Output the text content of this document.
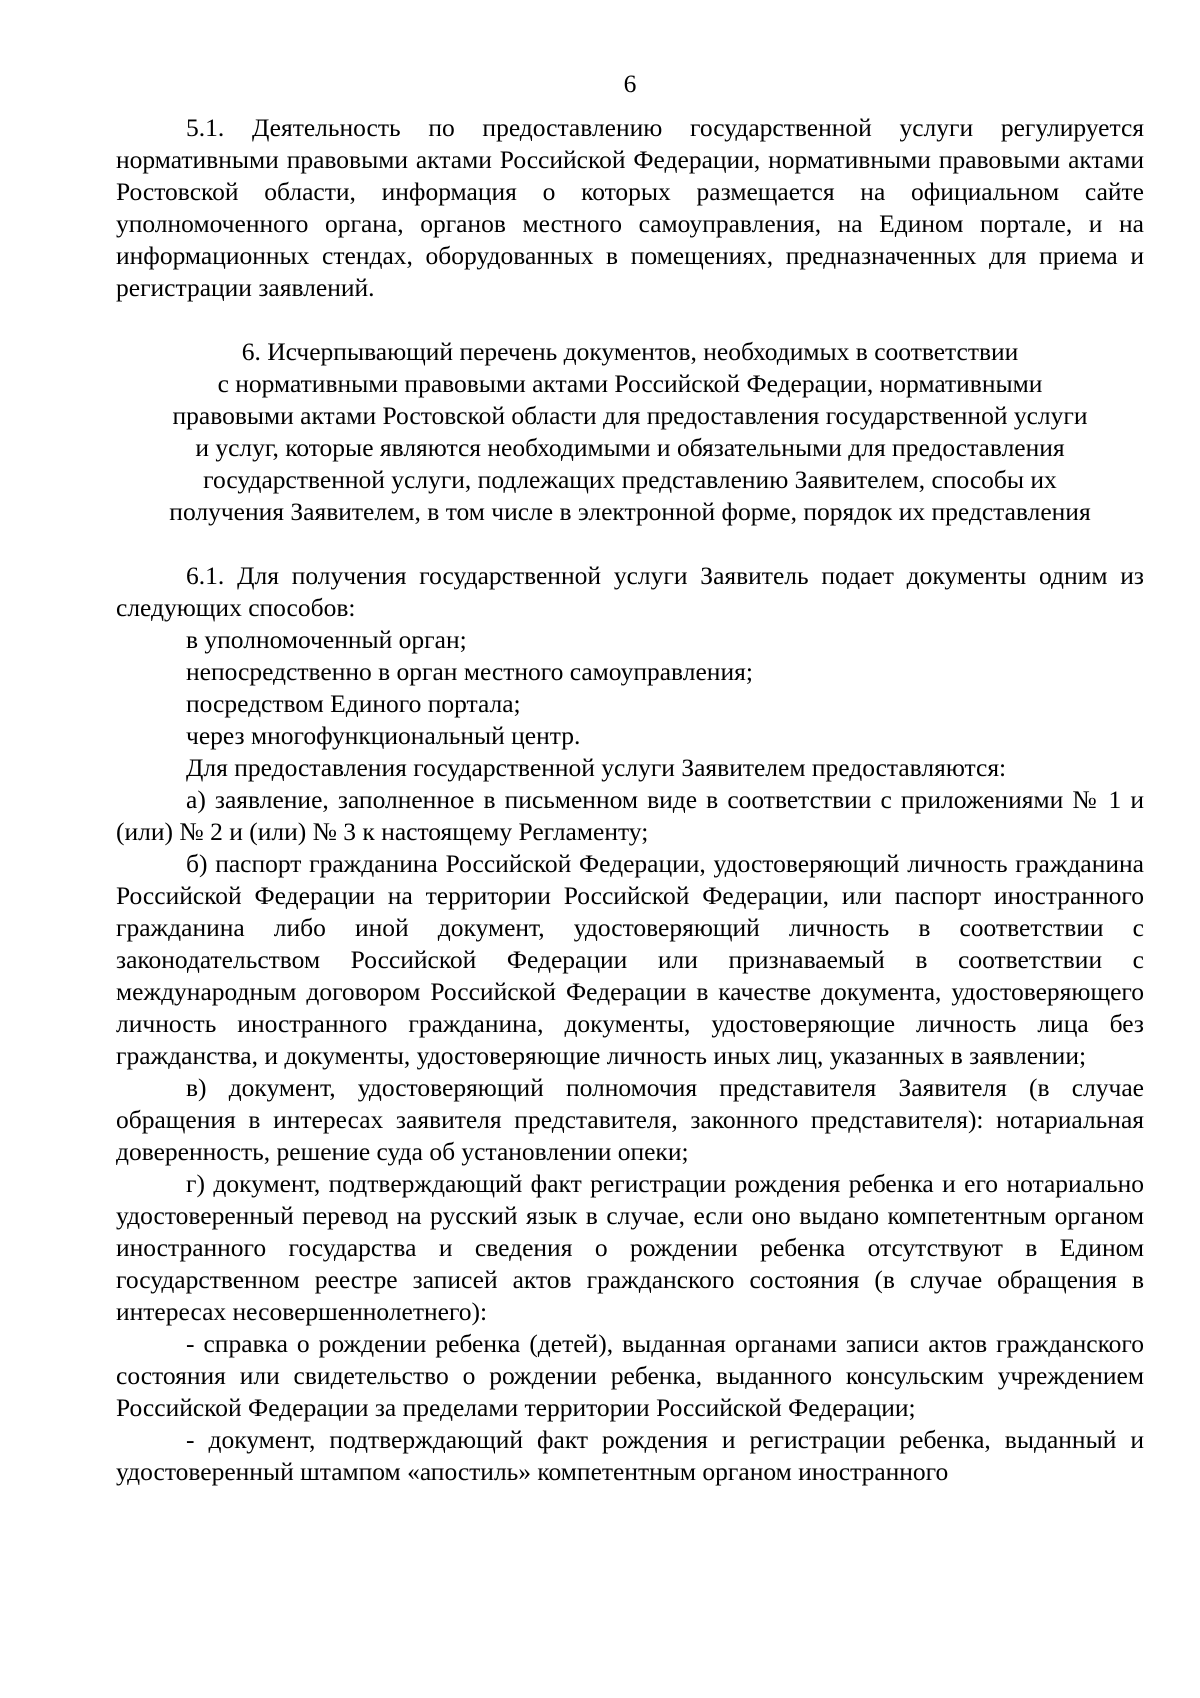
6

5.1. Деятельность по предоставлению государственной услуги регулируется нормативными правовыми актами Российской Федерации, нормативными правовыми актами Ростовской области, информация о которых размещается на официальном сайте уполномоченного органа, органов местного самоуправления, на Едином портале, и на информационных стендах, оборудованных в помещениях, предназначенных для приема и регистрации заявлений.

6. Исчерпывающий перечень документов, необходимых в соответствии

с нормативными правовыми актами Российской Федерации, нормативными

правовыми актами Ростовской области для предоставления государственной услуги

и услуг, которые являются необходимыми и обязательными для предоставления

государственной услуги, подлежащих представлению Заявителем, способы их

получения Заявителем, в том числе в электронной форме, порядок их представления

6.1. Для получения государственной услуги Заявитель подает документы одним из следующих способов:

в уполномоченный орган;

непосредственно в орган местного самоуправления;

посредством Единого портала;

через многофункциональный центр.

Для предоставления государственной услуги Заявителем предоставляются:

а) заявление, заполненное в письменном виде в соответствии с приложениями № 1 и (или) № 2 и (или) № 3 к настоящему Регламенту;

б) паспорт гражданина Российской Федерации, удостоверяющий личность гражданина Российской Федерации на территории Российской Федерации, или паспорт иностранного гражданина либо иной документ, удостоверяющий личность в соответствии с законодательством Российской Федерации или признаваемый в соответствии с международным договором Российской Федерации в качестве документа, удостоверяющего личность иностранного гражданина, документы, удостоверяющие личность лица без гражданства, и документы, удостоверяющие личность иных лиц, указанных в заявлении;

в) документ, удостоверяющий полномочия представителя Заявителя (в случае обращения в интересах заявителя представителя, законного представителя): нотариальная доверенность, решение суда об установлении опеки;

г) документ, подтверждающий факт регистрации рождения ребенка и его нотариально удостоверенный перевод на русский язык в случае, если оно выдано компетентным органом иностранного государства и сведения о рождении ребенка отсутствуют в Едином государственном реестре записей актов гражданского состояния (в случае обращения в интересах несовершеннолетнего):

- справка о рождении ребенка (детей), выданная органами записи актов гражданского состояния или свидетельство о рождении ребенка, выданного консульским учреждением Российской Федерации за пределами территории Российской Федерации;

- документ, подтверждающий факт рождения и регистрации ребенка, выданный и удостоверенный штампом «апостиль» компетентным органом иностранного
